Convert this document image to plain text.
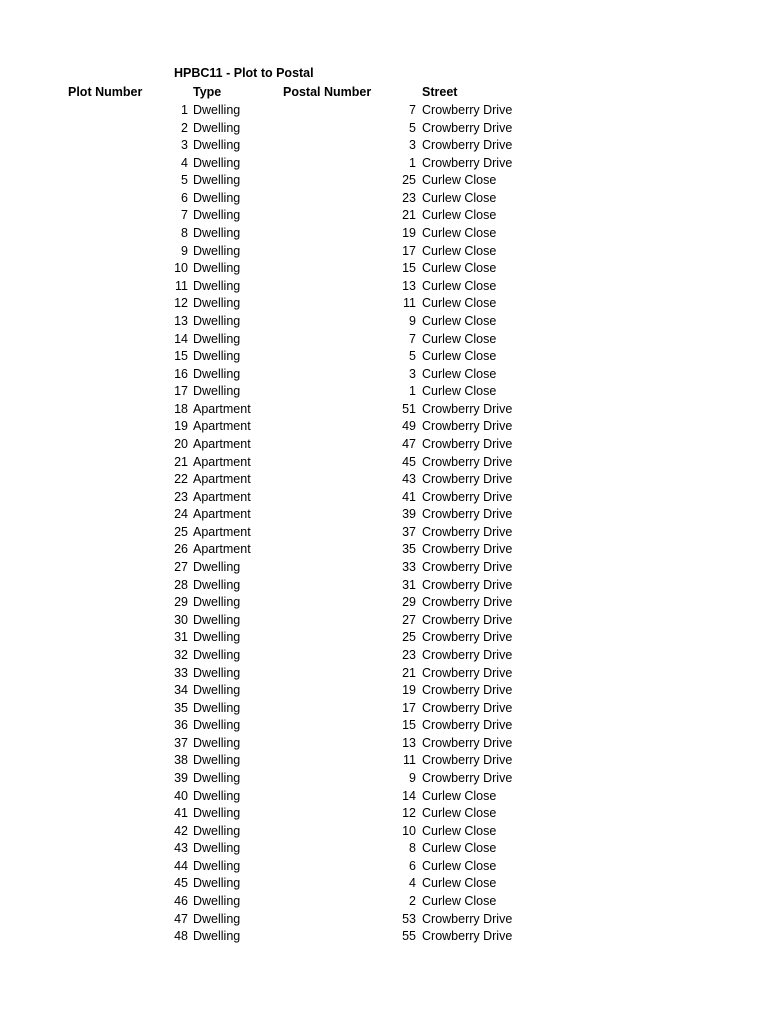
HPBC11 - Plot to Postal
Plot Number	Type	Postal Number	Street
1 Dwelling	7 Crowberry Drive
2 Dwelling	5 Crowberry Drive
3 Dwelling	3 Crowberry Drive
4 Dwelling	1 Crowberry Drive
5 Dwelling	25 Curlew Close
6 Dwelling	23 Curlew Close
7 Dwelling	21 Curlew Close
8 Dwelling	19 Curlew Close
9 Dwelling	17 Curlew Close
10 Dwelling	15 Curlew Close
11 Dwelling	13 Curlew Close
12 Dwelling	11 Curlew Close
13 Dwelling	9 Curlew Close
14 Dwelling	7 Curlew Close
15 Dwelling	5 Curlew Close
16 Dwelling	3 Curlew Close
17 Dwelling	1 Curlew Close
18 Apartment	51 Crowberry Drive
19 Apartment	49 Crowberry Drive
20 Apartment	47 Crowberry Drive
21 Apartment	45 Crowberry Drive
22 Apartment	43 Crowberry Drive
23 Apartment	41 Crowberry Drive
24 Apartment	39 Crowberry Drive
25 Apartment	37 Crowberry Drive
26 Apartment	35 Crowberry Drive
27 Dwelling	33 Crowberry Drive
28 Dwelling	31 Crowberry Drive
29 Dwelling	29 Crowberry Drive
30 Dwelling	27 Crowberry Drive
31 Dwelling	25 Crowberry Drive
32 Dwelling	23 Crowberry Drive
33 Dwelling	21 Crowberry Drive
34 Dwelling	19 Crowberry Drive
35 Dwelling	17 Crowberry Drive
36 Dwelling	15 Crowberry Drive
37 Dwelling	13 Crowberry Drive
38 Dwelling	11 Crowberry Drive
39 Dwelling	9 Crowberry Drive
40 Dwelling	14 Curlew Close
41 Dwelling	12 Curlew Close
42 Dwelling	10 Curlew Close
43 Dwelling	8 Curlew Close
44 Dwelling	6 Curlew Close
45 Dwelling	4 Curlew Close
46 Dwelling	2 Curlew Close
47 Dwelling	53 Crowberry Drive
48 Dwelling	55 Crowberry Drive
